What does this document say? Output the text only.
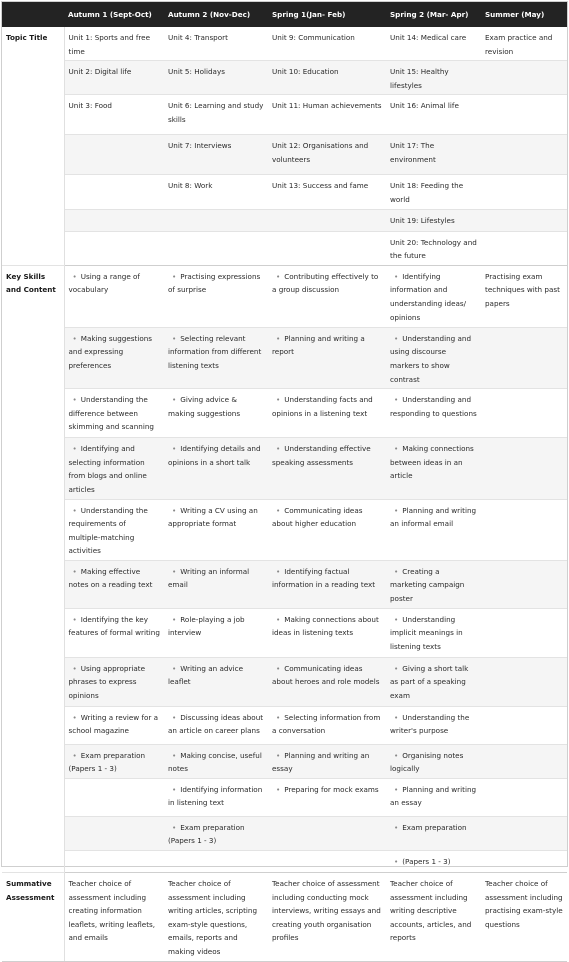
	Autumn 1 (Sept-Oct)	Autumn 2 (Nov-Dec)	Spring 1(Jan- Feb)	Spring 2 (Mar- Apr)	Summer (May)
Topic Title	Unit 1: Sports and free time	Unit 4: Transport	Unit 9: Communication	Unit 14: Medical care	Exam practice and revision
	Unit 2: Digital life	Unit 5: Holidays	Unit 10: Education	Unit 15: Healthy lifestyles	
	Unit 3: Food	Unit 6: Learning and study skills	Unit 11: Human achievements	Unit 16: Animal life	
		Unit 7: Interviews	Unit 12: Organisations and volunteers	Unit 17: The environment	
		Unit 8: Work	Unit 13: Success and fame	Unit 18: Feeding the world	
				Unit 19: Lifestyles	
				Unit 20: Technology and the future	
Key Skills and Content	• Using a range of vocabulary	• Practising expressions of surprise	• Contributing effectively to a group discussion	• Identifying information and understanding ideas/ opinions	Practising exam techniques with past papers
	• Making suggestions and expressing preferences	• Selecting relevant information from different listening texts	• Planning and writing a report	• Understanding and using discourse markers to show contrast	
	• Understanding the difference between skimming and scanning	• Giving advice & making suggestions	• Understanding facts and opinions in a listening text	• Understanding and responding to questions	
	• Identifying and selecting information from blogs and online articles	• Identifying details and opinions in a short talk	• Understanding effective speaking assessments	• Making connections between ideas in an article	
	• Understanding the requirements of multiple-matching activities	• Writing a CV using an appropriate format	• Communicating ideas about higher education	• Planning and writing an informal email	
	• Making effective notes on a reading text	• Writing an informal email	• Identifying factual information in a reading text	• Creating a marketing campaign poster	
	• Identifying the key features of formal writing	• Role-playing a job interview	• Making connections about ideas in listening texts	• Understanding implicit meanings in listening texts	
	• Using appropriate phrases to express opinions	• Writing an advice leaflet	• Communicating ideas about heroes and role models	• Giving a short talk as part of a speaking exam	
	• Writing a review for a school magazine	• Discussing ideas about an article on career plans	• Selecting information from a conversation	• Understanding the writer's purpose	
	• Exam preparation (Papers 1 - 3)	• Making concise, useful notes	• Planning and writing an essay	• Organising notes logically	
		• Identifying information in listening text	• Preparing for mock exams	• Planning and writing an essay	
		• Exam preparation (Papers 1 - 3)		• Exam preparation	
				• (Papers 1 - 3)	
Summative Assessment	Teacher choice of assessment including creating information leaflets, writing leaflets, and emails	Teacher choice of assessment including writing articles, scripting exam-style questions, emails, reports and making videos	Teacher choice of assessment including conducting mock interviews, writing essays and creating youth organisation profiles	Teacher choice of assessment including writing descriptive accounts, articles, and reports	Teacher choice of assessment including practising exam-style questions
